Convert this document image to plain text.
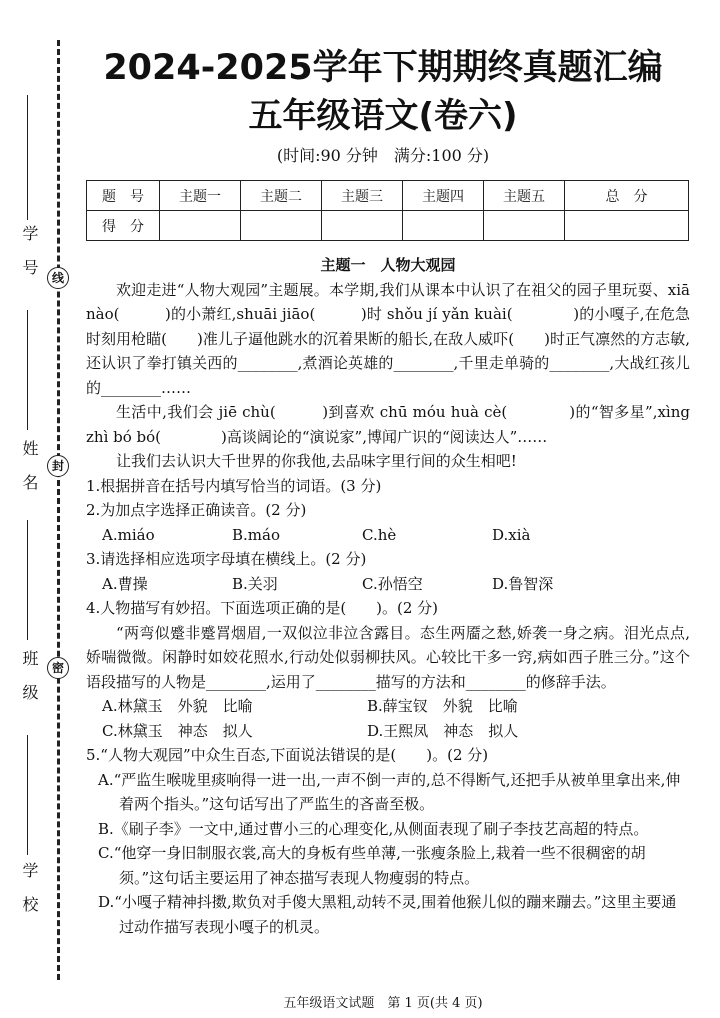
学号
姓名
班级
学校
线
封
密
2024-2025学年下期期终真题汇编
五年级语文(卷六)
(时间:90 分钟　满分:100 分)
题　号	主题一	主题二	主题三	主题四	主题五	总　分
得　分						

主题一　人物大观园

欢迎走进“人物大观园”主题展。本学期,我们从课本中认识了在祖父的园子里玩耍、xiā nào(　　　)的小萧红,shuāi jiāo(　　　)时 shǒu jí yǎn kuài(　　　　)的小嘎子,在危急时刻用枪瞄(　　)准儿子逼他跳水的沉着果断的船长,在敌人威吓(　　)时正气凛然的方志敏,还认识了拳打镇关西的________,煮酒论英雄的________,千里走单骑的________,大战红孩儿的________……

生活中,我们会 jiē chù(　　　)到喜欢 chū móu huà cè(　　　　)的“智多星”,xìng zhì bó bó(　　　　)高谈阔论的“演说家”,博闻广识的“阅读达人”……

让我们去认识大千世界的你我他,去品味字里行间的众生相吧!

1.根据拼音在括号内填写恰当的词语。(3 分)

2.为加点字选择正确读音。(2 分)

A.miáo	B.máo	C.hè	D.xià

3.请选择相应选项字母填在横线上。(2 分)

A.曹操	B.关羽	C.孙悟空	D.鲁智深

4.人物描写有妙招。下面选项正确的是(　　)。(2 分)

“两弯似蹙非蹙罥烟眉,一双似泣非泣含露目。态生两靥之愁,娇袭一身之病。泪光点点,娇喘微微。闲静时如姣花照水,行动处似弱柳扶风。心较比干多一窍,病如西子胜三分。”这个语段描写的人物是________,运用了________描写的方法和________的修辞手法。

A.林黛玉　外貌　比喻	B.薛宝钗　外貌　比喻
C.林黛玉　神态　拟人	D.王熙凤　神态　拟人

5.“人物大观园”中众生百态,下面说法错误的是(　　)。(2 分)

A.“严监生喉咙里痰响得一进一出,一声不倒一声的,总不得断气,还把手从被单里拿出来,伸着两个指头。”这句话写出了严监生的吝啬至极。

B.《刷子李》一文中,通过曹小三的心理变化,从侧面表现了刷子李技艺高超的特点。

C.“他穿一身旧制服衣裳,高大的身板有些单薄,一张瘦条脸上,栽着一些不很稠密的胡须。”这句话主要运用了神态描写表现人物瘦弱的特点。

D.“小嘎子精神抖擞,欺负对手傻大黑粗,动转不灵,围着他猴儿似的蹦来蹦去。”这里主要通过动作描写表现小嘎子的机灵。

五年级语文试题　第 1 页(共 4 页)
